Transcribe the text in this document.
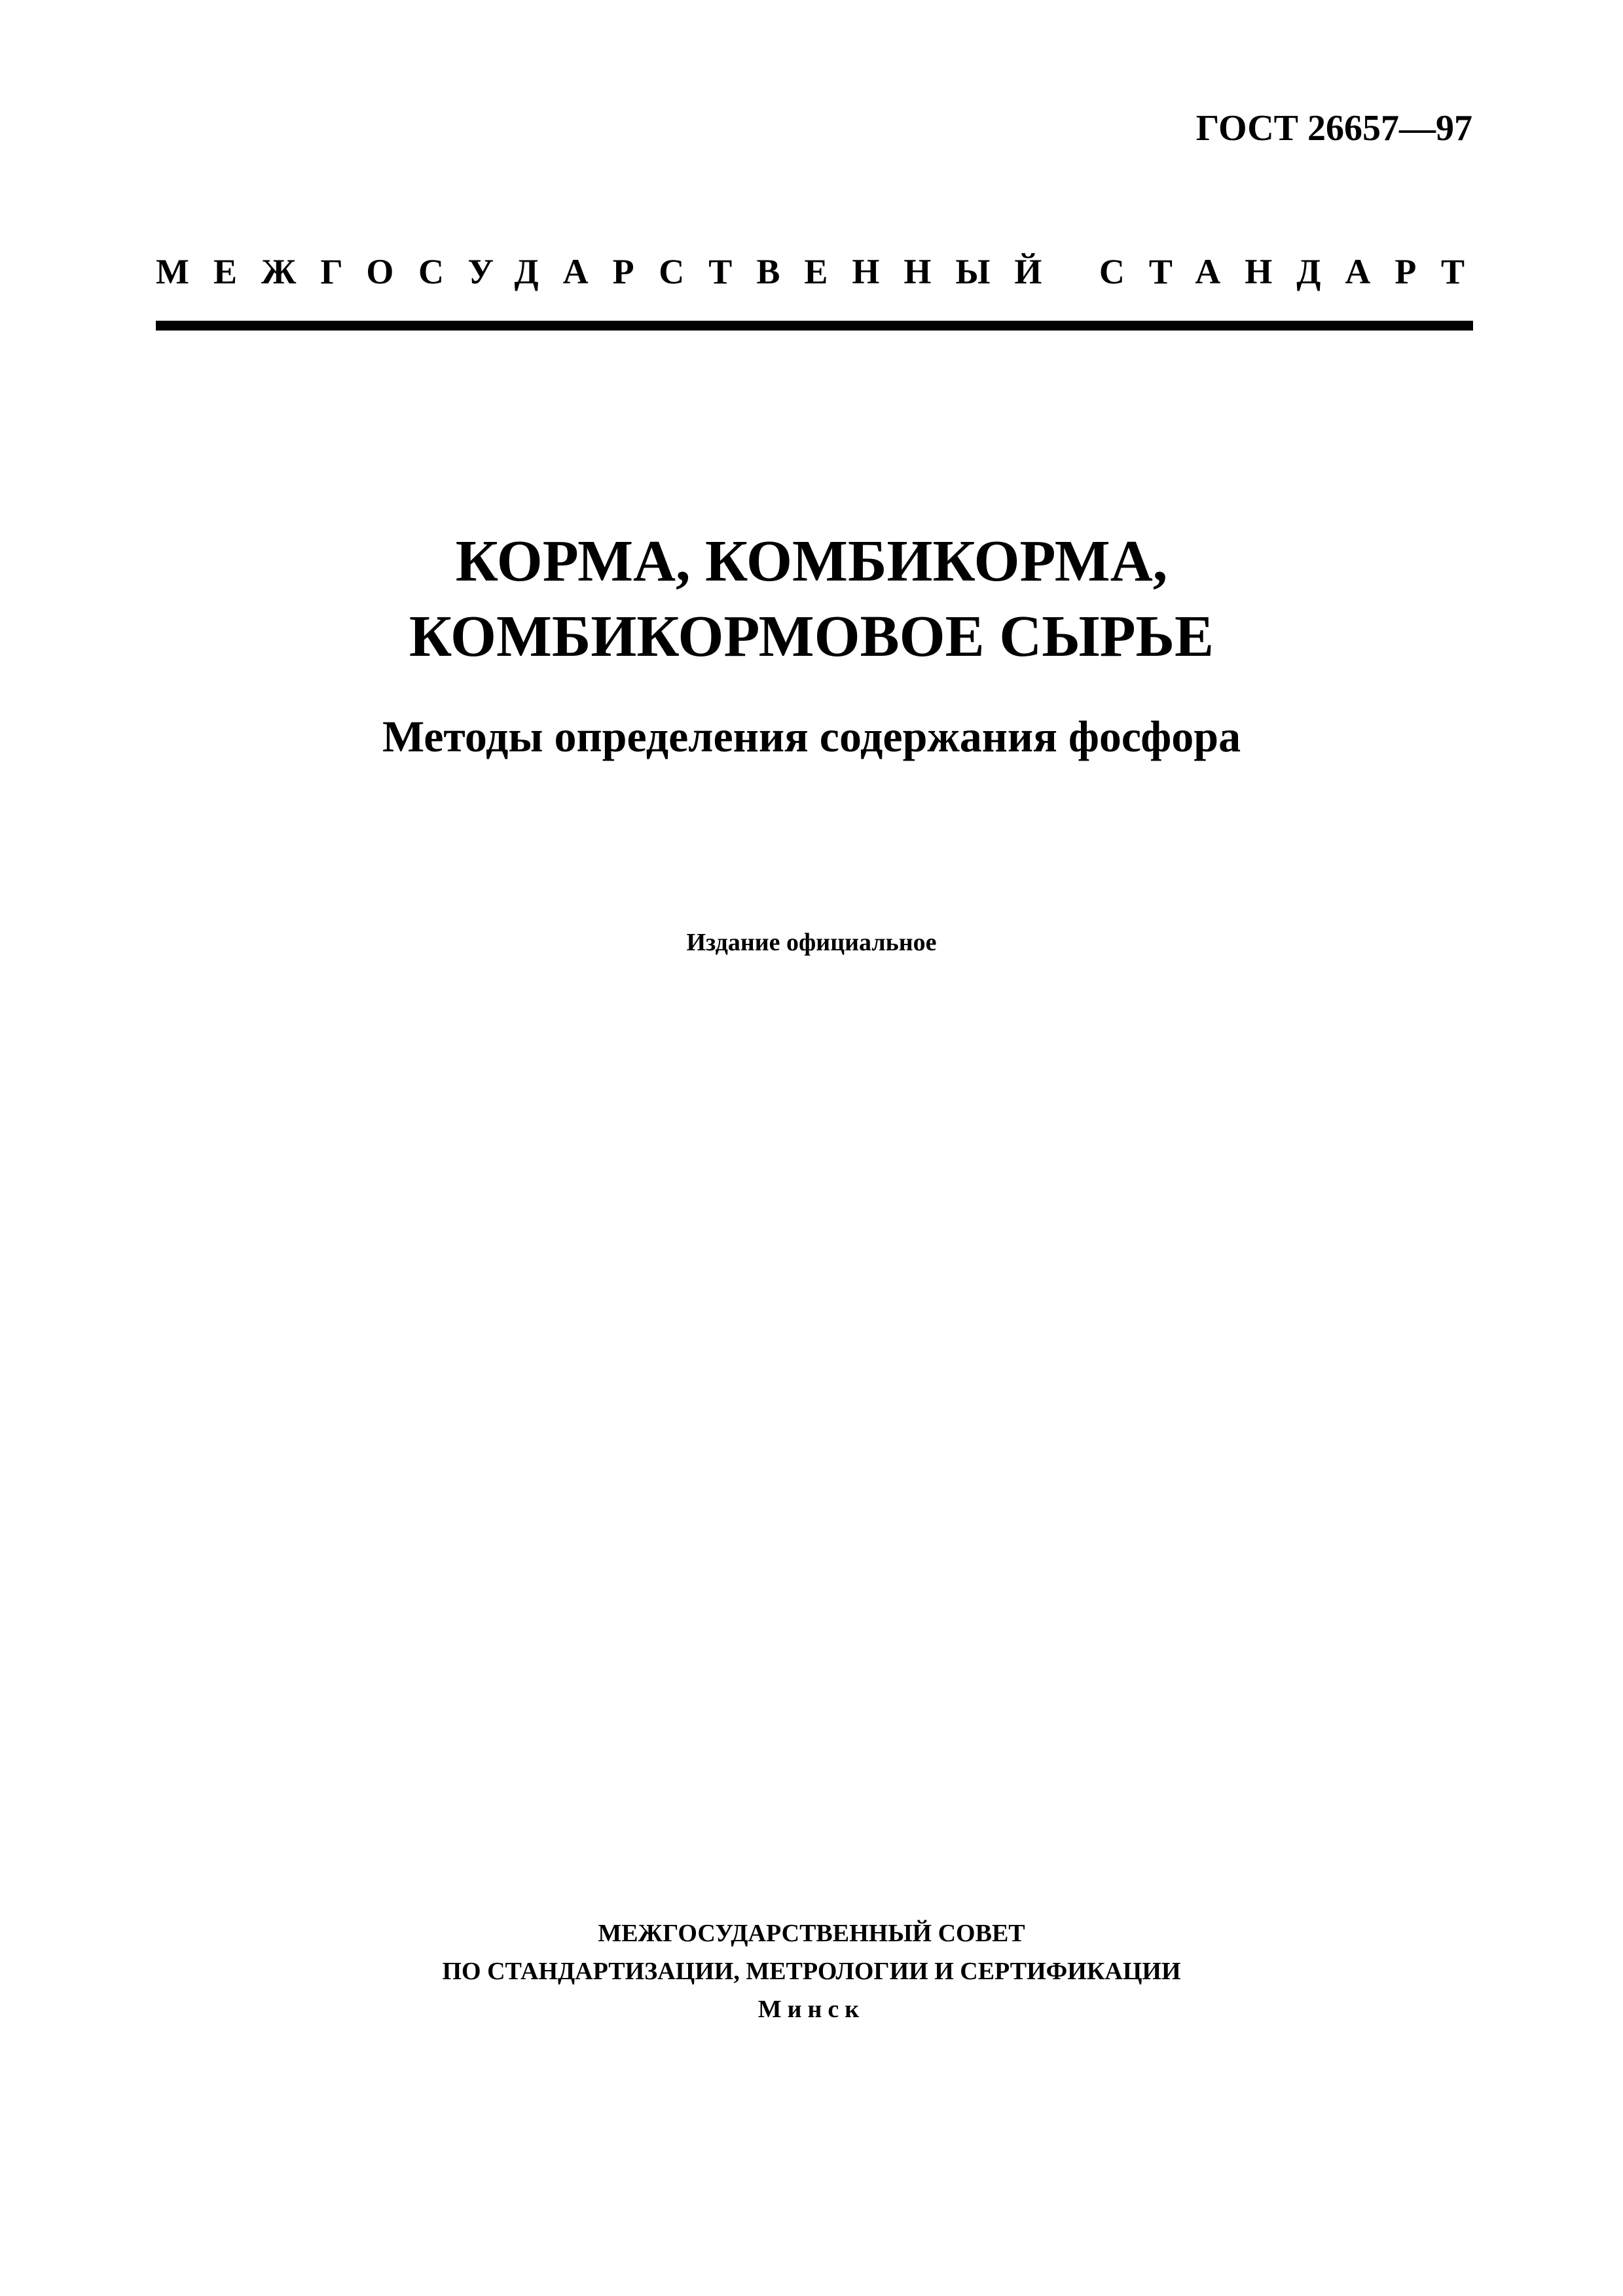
ГОСТ 26657—97
МЕЖГОСУДАРСТВЕННЫЙ СТАНДАРТ
КОРМА, КОМБИКОРМА,
КОМБИКОРМОВОЕ СЫРЬЕ
Методы определения содержания фосфора
Издание официальное
МЕЖГОСУДАРСТВЕННЫЙ СОВЕТ
ПО СТАНДАРТИЗАЦИИ, МЕТРОЛОГИИ И СЕРТИФИКАЦИИ
Минск
